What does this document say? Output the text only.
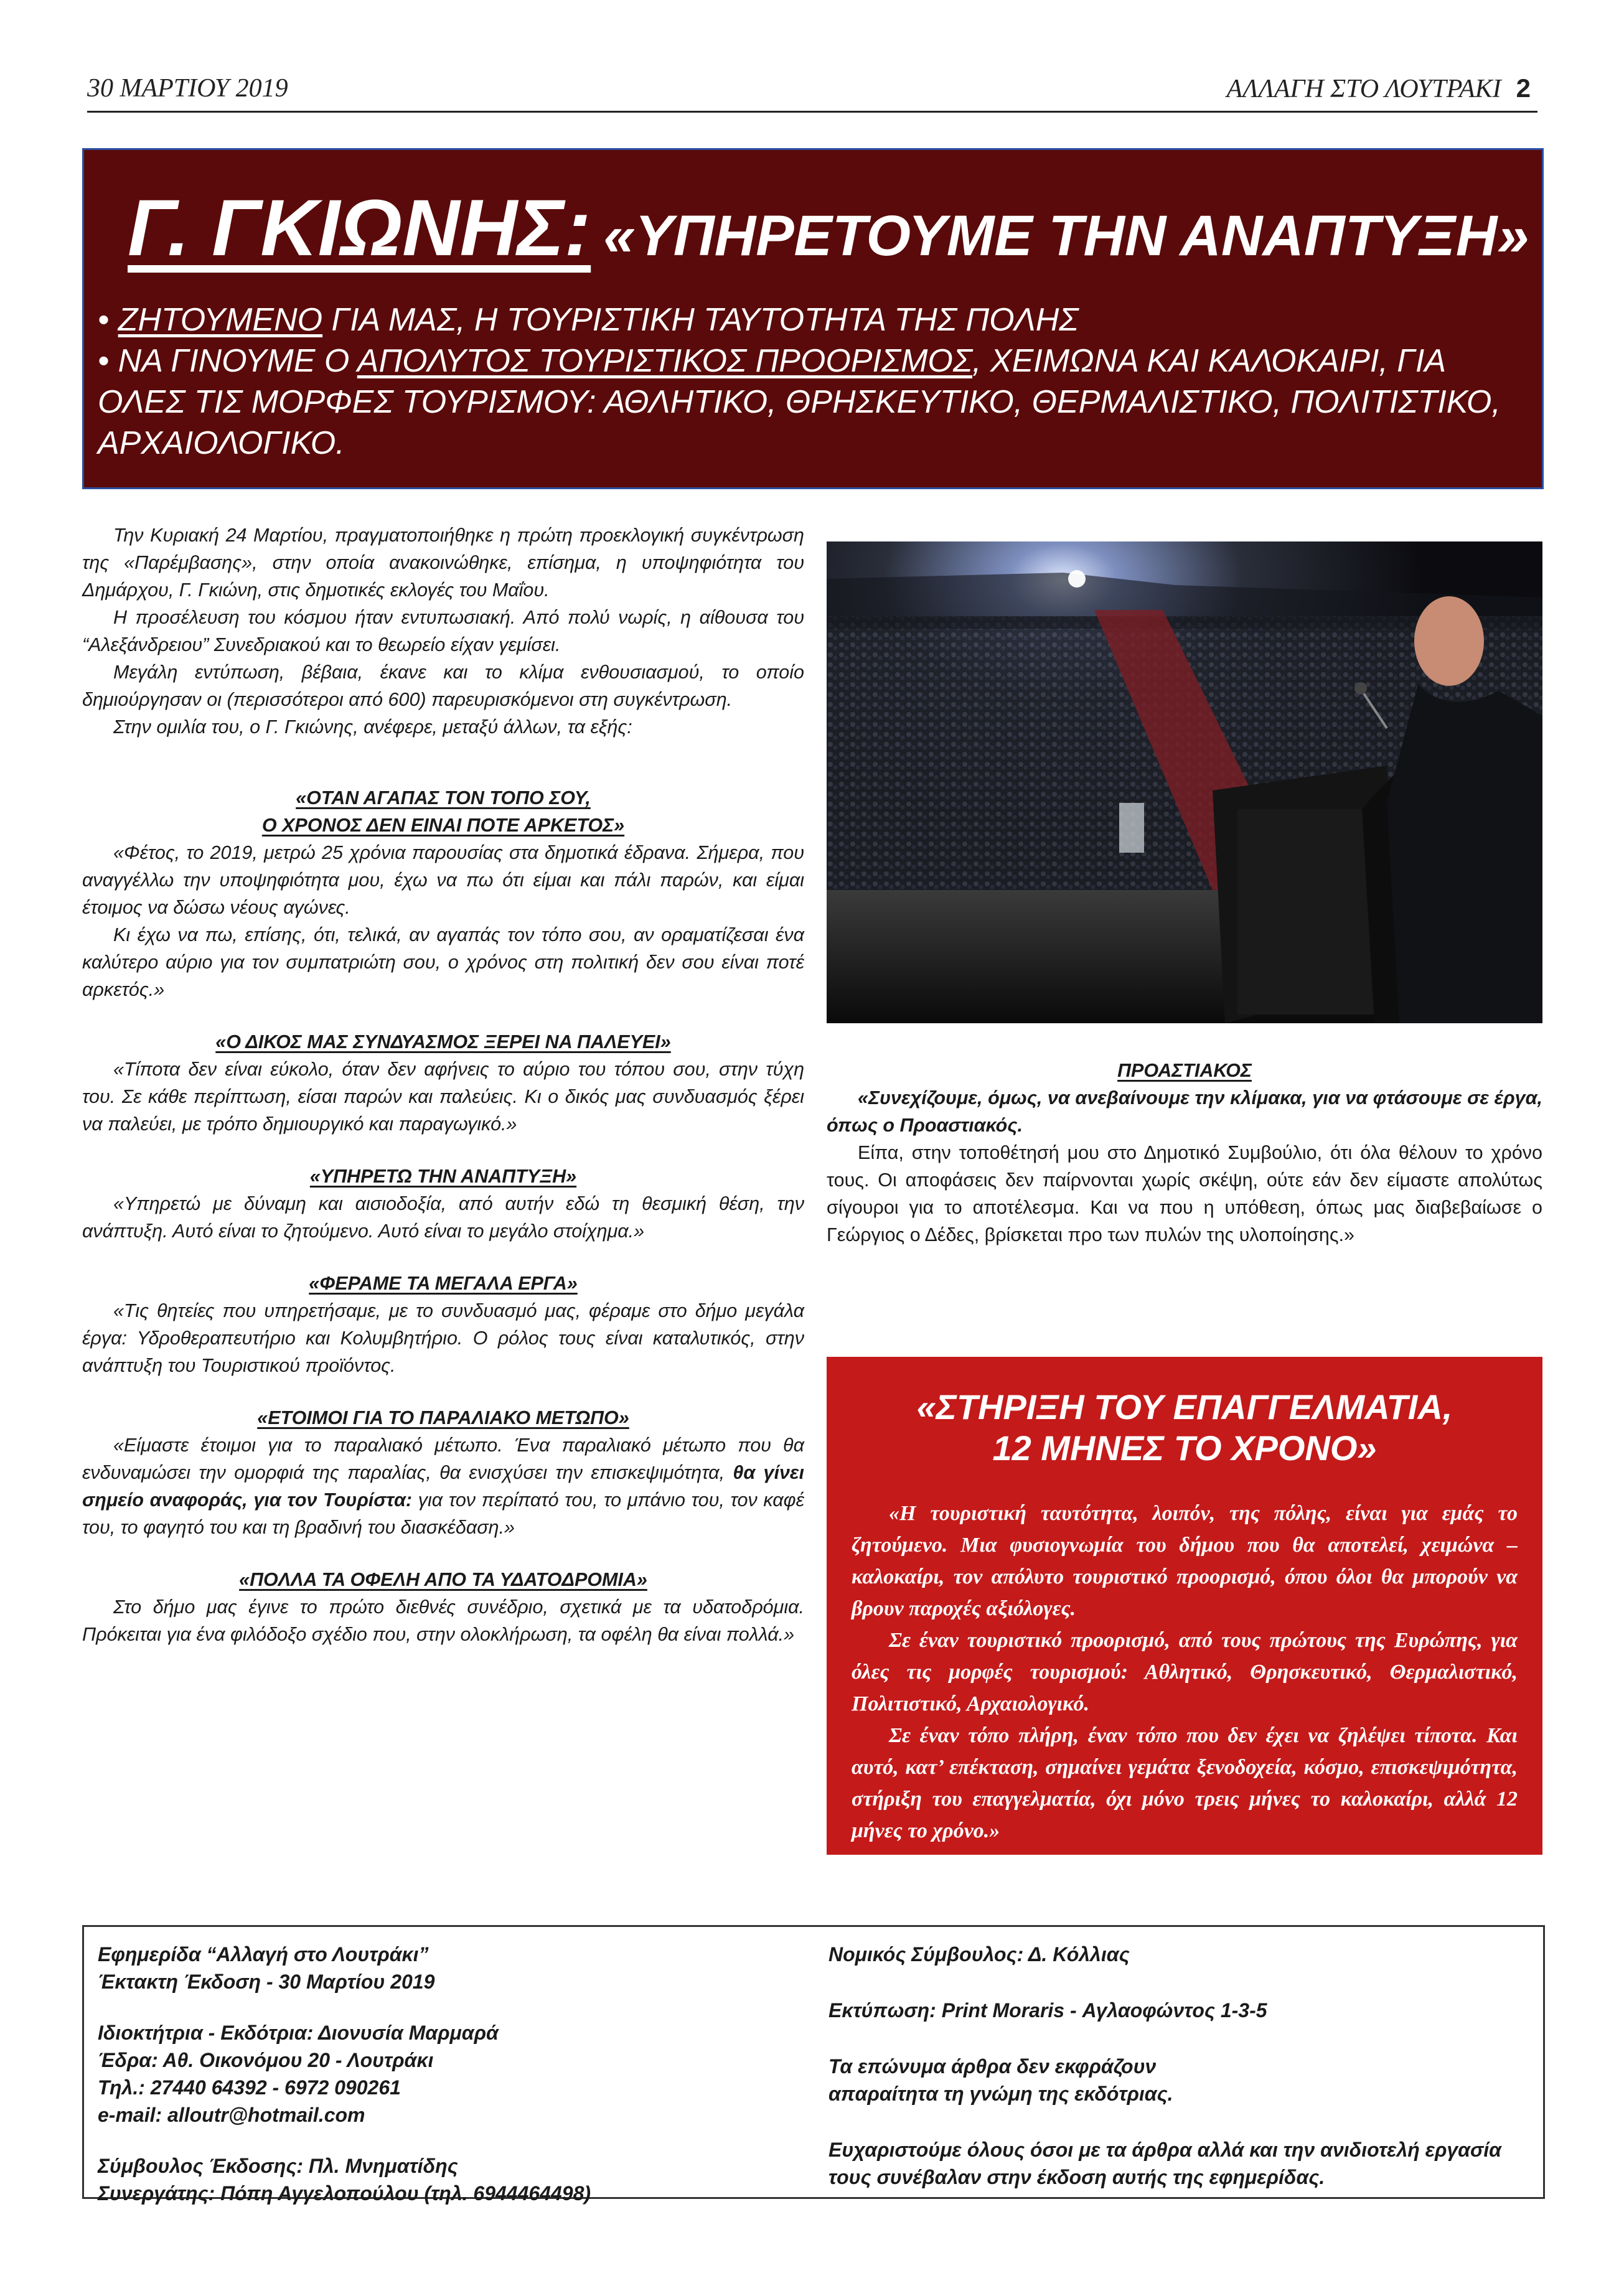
30 ΜΑΡΤΙΟΥ 2019	ΑΛΛΑΓΗ ΣΤΟ ΛΟΥΤΡΑΚΙ 2
Γ. ΓΚΙΩΝΗΣ: «ΥΠΗΡΕΤΟΥΜΕ ΤΗΝ ΑΝΑΠΤΥΞΗ»

• ΖΗΤΟΥΜΕΝΟ ΓΙΑ ΜΑΣ, Η ΤΟΥΡΙΣΤΙΚΗ ΤΑΥΤΟΤΗΤΑ ΤΗΣ ΠΟΛΗΣ

• ΝΑ ΓΙΝΟΥΜΕ Ο ΑΠΟΛΥΤΟΣ ΤΟΥΡΙΣΤΙΚΟΣ ΠΡΟΟΡΙΣΜΟΣ, ΧΕΙΜΩΝΑ ΚΑΙ ΚΑΛΟΚΑΙΡΙ, ΓΙΑ ΟΛΕΣ ΤΙΣ ΜΟΡΦΕΣ ΤΟΥΡΙΣΜΟΥ: ΑΘΛΗΤΙΚΟ, ΘΡΗΣΚΕΥΤΙΚΟ, ΘΕΡΜΑΛΙΣΤΙΚΟ, ΠΟΛΙΤΙΣΤΙΚΟ, ΑΡΧΑΙΟΛΟΓΙΚΟ.

Την Κυριακή 24 Μαρτίου, πραγματοποιήθηκε η πρώτη προεκλογική συγκέντρωση της «Παρέμβασης», στην οποία ανακοινώθηκε, επίσημα, η υποψηφιότητα του Δημάρχου, Γ. Γκιώνη, στις δημοτικές εκλογές του Μαΐου.

Η προσέλευση του κόσμου ήταν εντυπωσιακή. Από πολύ νωρίς, η αίθουσα του “Αλεξάνδρειου” Συνεδριακού και το θεωρείο είχαν γεμίσει.

Μεγάλη εντύπωση, βέβαια, έκανε και το κλίμα ενθουσιασμού, το οποίο δημιούργησαν οι (περισσότεροι από 600) παρευρισκόμενοι στη συγκέντρωση.

Στην ομιλία του, ο Γ. Γκιώνης, ανέφερε, μεταξύ άλλων, τα εξής:

«ΟΤΑΝ ΑΓΑΠΑΣ ΤΟΝ ΤΟΠΟ ΣΟΥ,
Ο ΧΡΟΝΟΣ ΔΕΝ ΕΙΝΑΙ ΠΟΤΕ ΑΡΚΕΤΟΣ»

«Φέτος, το 2019, μετρώ 25 χρόνια παρουσίας στα δημοτικά έδρανα. Σήμερα, που αναγγέλλω την υποψηφιότητα μου, έχω να πω ότι είμαι και πάλι παρών, και είμαι έτοιμος να δώσω νέους αγώνες.

Κι έχω να πω, επίσης, ότι, τελικά, αν αγαπάς τον τόπο σου, αν οραματίζεσαι ένα καλύτερο αύριο για τον συμπατριώτη σου, ο χρόνος στη πολιτική δεν σου είναι ποτέ αρκετός.»

«Ο ΔΙΚΟΣ ΜΑΣ ΣΥΝΔΥΑΣΜΟΣ ΞΕΡΕΙ ΝΑ ΠΑΛΕΥΕΙ»

«Τίποτα δεν είναι εύκολο, όταν δεν αφήνεις το αύριο του τόπου σου, στην τύχη του. Σε κάθε περίπτωση, είσαι παρών και παλεύεις. Κι ο δικός μας συνδυασμός ξέρει να παλεύει, με τρόπο δημιουργικό και παραγωγικό.»

«ΥΠΗΡΕΤΩ ΤΗΝ ΑΝΑΠΤΥΞΗ»

«Υπηρετώ με δύναμη και αισιοδοξία, από αυτήν εδώ τη θεσμική θέση, την ανάπτυξη. Αυτό είναι το ζητούμενο. Αυτό είναι το μεγάλο στοίχημα.»

«ΦΕΡΑΜΕ ΤΑ ΜΕΓΑΛΑ ΕΡΓΑ»

«Τις θητείες που υπηρετήσαμε, με το συνδυασμό μας, φέραμε στο δήμο μεγάλα έργα: Υδροθεραπευτήριο και Κολυμβητήριο. Ο ρόλος τους είναι καταλυτικός, στην ανάπτυξη του Τουριστικού προϊόντος.

«ΕΤΟΙΜΟΙ ΓΙΑ ΤΟ ΠΑΡΑΛΙΑΚΟ ΜΕΤΩΠΟ»

«Είμαστε έτοιμοι για το παραλιακό μέτωπο. Ένα παραλιακό μέτωπο που θα ενδυναμώσει την ομορφιά της παραλίας, θα ενισχύσει την επισκεψιμότητα, θα γίνει σημείο αναφοράς, για τον Τουρίστα: για τον περίπατό του, το μπάνιο του, τον καφέ του, το φαγητό του και τη βραδινή του διασκέδαση.»

«ΠΟΛΛΑ ΤΑ ΟΦΕΛΗ ΑΠΟ ΤΑ ΥΔΑΤΟΔΡΟΜΙΑ»

Στο δήμο μας έγινε το πρώτο διεθνές συνέδριο, σχετικά με τα υδατοδρόμια. Πρόκειται για ένα φιλόδοξο σχέδιο που, στην ολοκλήρωση, τα οφέλη θα είναι πολλά.»

ΠΡΟΑΣΤΙΑΚΟΣ

«Συνεχίζουμε, όμως, να ανεβαίνουμε την κλίμακα, για να φτάσουμε σε έργα, όπως ο Προαστιακός.

Είπα, στην τοποθέτησή μου στο Δημοτικό Συμβούλιο, ότι όλα θέλουν το χρόνο τους. Οι αποφάσεις δεν παίρνονται χωρίς σκέψη, ούτε εάν δεν είμαστε απολύτως σίγουροι για το αποτέλεσμα. Και να που η υπόθεση, όπως μας διαβεβαίωσε ο Γεώργιος ο Δέδες, βρίσκεται προ των πυλών της υλοποίησης.»

«ΣΤΗΡΙΞΗ ΤΟΥ ΕΠΑΓΓΕΛΜΑΤΙΑ,
12 ΜΗΝΕΣ ΤΟ ΧΡΟΝΟ»

«Η τουριστική ταυτότητα, λοιπόν, της πόλης, είναι για εμάς το ζητούμενο. Μια φυσιογνωμία του δήμου που θα αποτελεί, χειμώνα – καλοκαίρι, τον απόλυτο τουριστικό προορισμό, όπου όλοι θα μπορούν να βρουν παροχές αξιόλογες.

Σε έναν τουριστικό προορισμό, από τους πρώτους της Ευρώπης, για όλες τις μορφές τουρισμού: Αθλητικό, Θρησκευτικό, Θερμαλιστικό, Πολιτιστικό, Αρχαιολογικό.

Σε έναν τόπο πλήρη, έναν τόπο που δεν έχει να ζηλέψει τίποτα. Και αυτό, κατ’ επέκταση, σημαίνει γεμάτα ξενοδοχεία, κόσμο, επισκεψιμότητα, στήριξη του επαγγελματία, όχι μόνο τρεις μήνες το καλοκαίρι, αλλά 12 μήνες το χρόνο.»

Εφημερίδα “Αλλαγή στο Λουτράκι”

Έκτακτη Έκδοση - 30 Μαρτίου 2019

Ιδιοκτήτρια - Εκδότρια: Διονυσία Μαρμαρά

Έδρα: Αθ. Οικονόμου 20 - Λουτράκι

Τηλ.: 27440 64392 - 6972 090261

e-mail: alloutr@hotmail.com

Σύμβουλος Έκδοσης: Πλ. Μνηματίδης

Συνεργάτης: Πόπη Αγγελοπούλου (τηλ. 6944464498)

Νομικός Σύμβουλος: Δ. Κόλλιας

Εκτύπωση: Print Moraris - Αγλαοφώντος 1-3-5

Τα επώνυμα άρθρα δεν εκφράζουν

απαραίτητα τη γνώμη της εκδότριας.

Ευχαριστούμε όλους όσοι με τα άρθρα αλλά και την ανιδιοτελή εργασία τους συνέβαλαν στην έκδοση αυτής της εφημερίδας.
